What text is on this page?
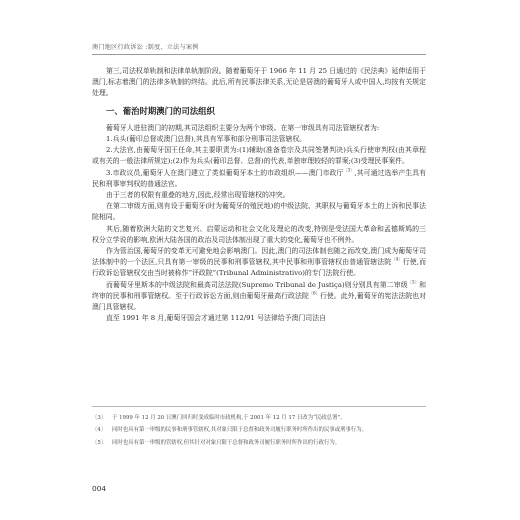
澳门地区行政诉讼 :制度、立法与案例

第三,司法权单轨制和法律单轨制阶段。随着葡萄牙于 1966 年 11 月 25 日通过的《民法典》延伸适用于澳门,标志着澳门的法律多轨制的终结。此后,所有民事法律关系,无论是居澳的葡萄牙人或中国人,均按有关规定处理。

一、葡治时期澳门的司法组织

葡萄牙人进驻澳门的初期,其司法组织主要分为两个审级。在第一审级具有司法管辖权者为:

1.兵头(葡印总督或澳门总督),其具有军事和部分刑事司法管辖权。

2.大法官,由葡萄牙国王任命,其主要职责为:(1)辅助(准备卷宗及共同签署判决)兵头行使审判权(由其章程或有关的一般法律所规定);(2)作为兵头(葡印总督、总督)的代表,单独审理较轻的罪案;(3)受理民事案件。

3.市政议员,葡萄牙人在澳门建立了类似葡萄牙本土的市政组织——澳门市政厅$^{〔3〕}$,其可通过选举产生具有民和刑事审判权的普通法官。

由于三者的权限有重叠的地方,因此,经常出现管辖权的冲突。

在第二审级方面,则有设于葡萄牙(时为葡萄牙的殖民地)的中级法院、其职权与葡萄牙本土的上诉和民事法院相同。

其后,随着欧洲大陆的文艺复兴、启蒙运动和社会文化及理论的改变,特别是受法国大革命和孟德斯鸠的三权分立学说的影响,欧洲大陆各国的政治及司法体制出现了重大的变化,葡萄牙也不例外。

作为管治国,葡萄牙的变革无可避免地会影响澳门。因此,澳门的司法体制也随之而改变,澳门成为葡萄牙司法体制中的一个法区,只具有第一审级的民事和刑事管辖权,其中民事和刑事管辖权由普通管辖法院$^{〔4〕}$行使,而行政诉讼管辖权交由当时被称作“评政院”(Tribunal Administrativo)的专门法院行使。

而葡萄牙里斯本的中级法院和最高司法法院(Supremo Tribunal de Justiça)则分别具有第二审级$^{〔5〕}$和终审的民事和刑事管辖权。至于行政诉讼方面,则由葡萄牙最高行政法院$^{〔6〕}$行使。此外,葡萄牙的宪法法院也对澳门具管辖权。

直至 1991 年 8 月,葡萄牙国会才通过第 112/91 号法律给予澳门司法自

〔3〕	于 1999 年 12 月 20 日澳门回归时变成临时市政机构,于 2001 年 12 月 17 日改为“民政总署”。
〔4〕	同时也具有第一审级的民事和刑事管辖权,其对象只限于总督和政务司履行职务时所作出的民事或刑事行为。
〔5〕	同时也具有第一审级的管辖权,但其针对对象只限于总督和政务司履行职务时所作出的行政行为。
004
